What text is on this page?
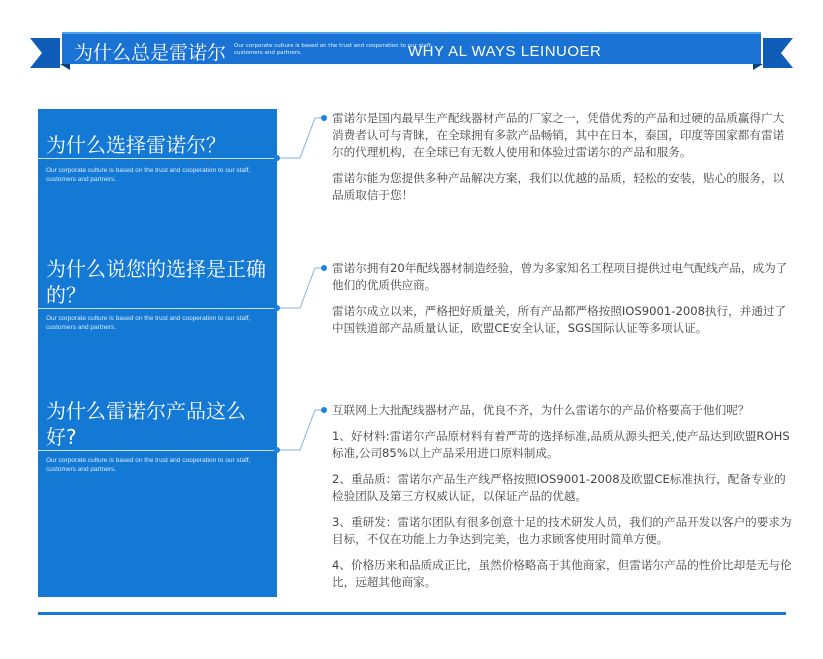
为什么总是雷诺尔 Our corporate culture is based on the trust and cooperation to our staff, customers and partners.	WHY AL WAYS LEINUOER
为什么选择雷诺尔？
Our corporate culture is based on the trust and cooperation to our staff, customers and partners.
为什么说您的选择是正确的？
Our corporate culture is based on the trust and cooperation to our staff, customers and partners.
为什么雷诺尔产品这么好?
Our corporate culture is based on the trust and cooperation to our staff, customers and partners.

雷诺尔是国内最早生产配线器材产品的厂家之一，凭借优秀的产品和过硬的品质赢得广大消费者认可与青睐，在全球拥有多款产品畅销，其中在日本，泰国，印度等国家都有雷诺尔的代理机构，在全球已有无数人使用和体验过雷诺尔的产品和服务。

雷诺尔能为您提供多种产品解决方案，我们以优越的品质，轻松的安装，贴心的服务，以品质取信于您！

雷诺尔拥有20年配线器材制造经验，曾为多家知名工程项目提供过电气配线产品，成为了他们的优质供应商。

雷诺尔成立以来，严格把好质量关，所有产品都严格按照IOS9001-2008执行，并通过了中国铁道部产品质量认证，欧盟CE安全认证，SGS国际认证等多项认证。

互联网上大批配线器材产品，优良不齐，为什么雷诺尔的产品价格要高于他们呢？

1、好材料:雷诺尔产品原材料有着严苛的选择标准,品质从源头把关,使产品达到欧盟ROHS标准,公司85%以上产品采用进口原料制成。

2、重品质：雷诺尔产品生产线严格按照IOS9001-2008及欧盟CE标准执行，配备专业的检验团队及第三方权威认证，以保证产品的优越。

3、重研发：雷诺尔团队有很多创意十足的技术研发人员，我们的产品开发以客户的要求为目标，不仅在功能上力争达到完美，也力求顾客使用时简单方便。

4、价格历来和品质成正比，虽然价格略高于其他商家，但雷诺尔产品的性价比却是无与伦比，远超其他商家。
